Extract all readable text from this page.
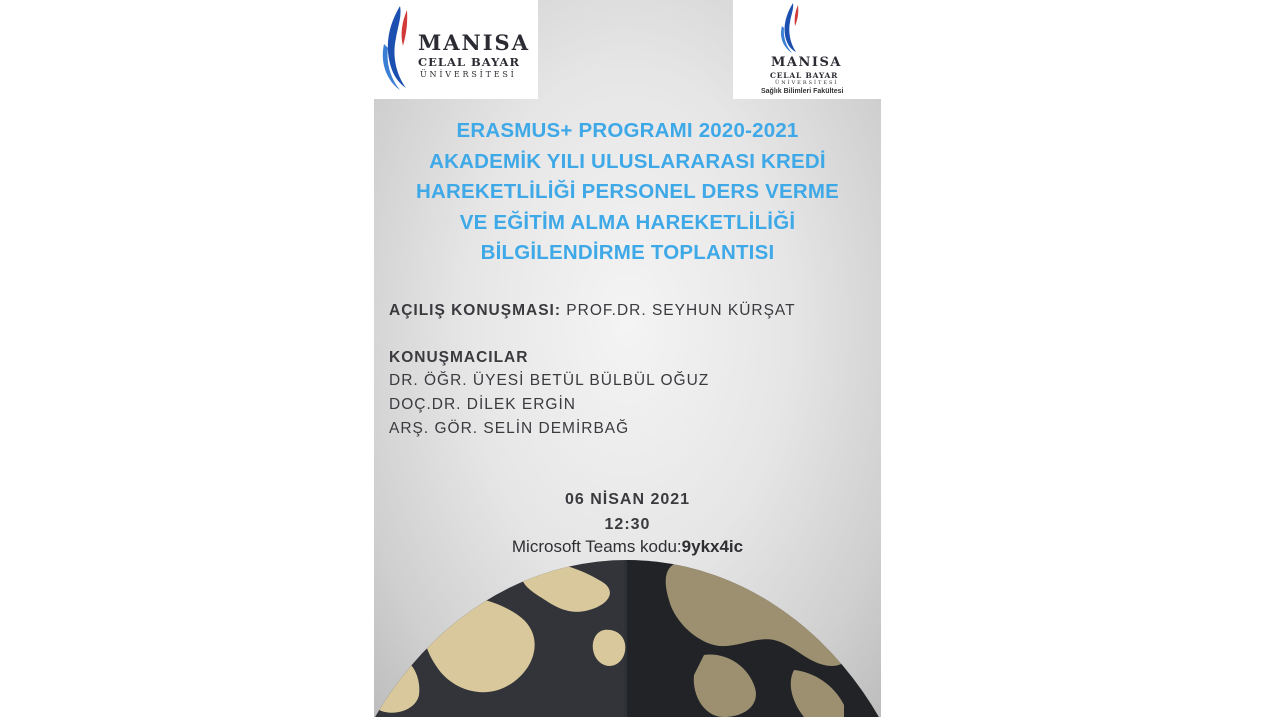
MANISA
CELAL BAYAR
ÜNİVERSİTESİ
MANISA
CELAL BAYAR
ÜNİVERSİTESİ
Sağlık Bilimleri Fakültesi
ERASMUS+ PROGRAMI 2020-2021
AKADEMİK YILI ULUSLARARASI KREDİ
HAREKETLİLİĞİ PERSONEL DERS VERME
VE EĞİTİM ALMA HAREKETLİLİĞİ
BİLGİLENDİRME TOPLANTISI
AÇILIŞ KONUŞMASI: PROF.DR. SEYHUN KÜRŞAT
KONUŞMACILAR
DR. ÖĞR. ÜYESİ BETÜL BÜLBÜL OĞUZ
DOÇ.DR. DİLEK ERGİN
ARŞ. GÖR. SELİN DEMİRBAĞ
06 NİSAN 2021
12:30
Microsoft Teams kodu:9ykx4ic
